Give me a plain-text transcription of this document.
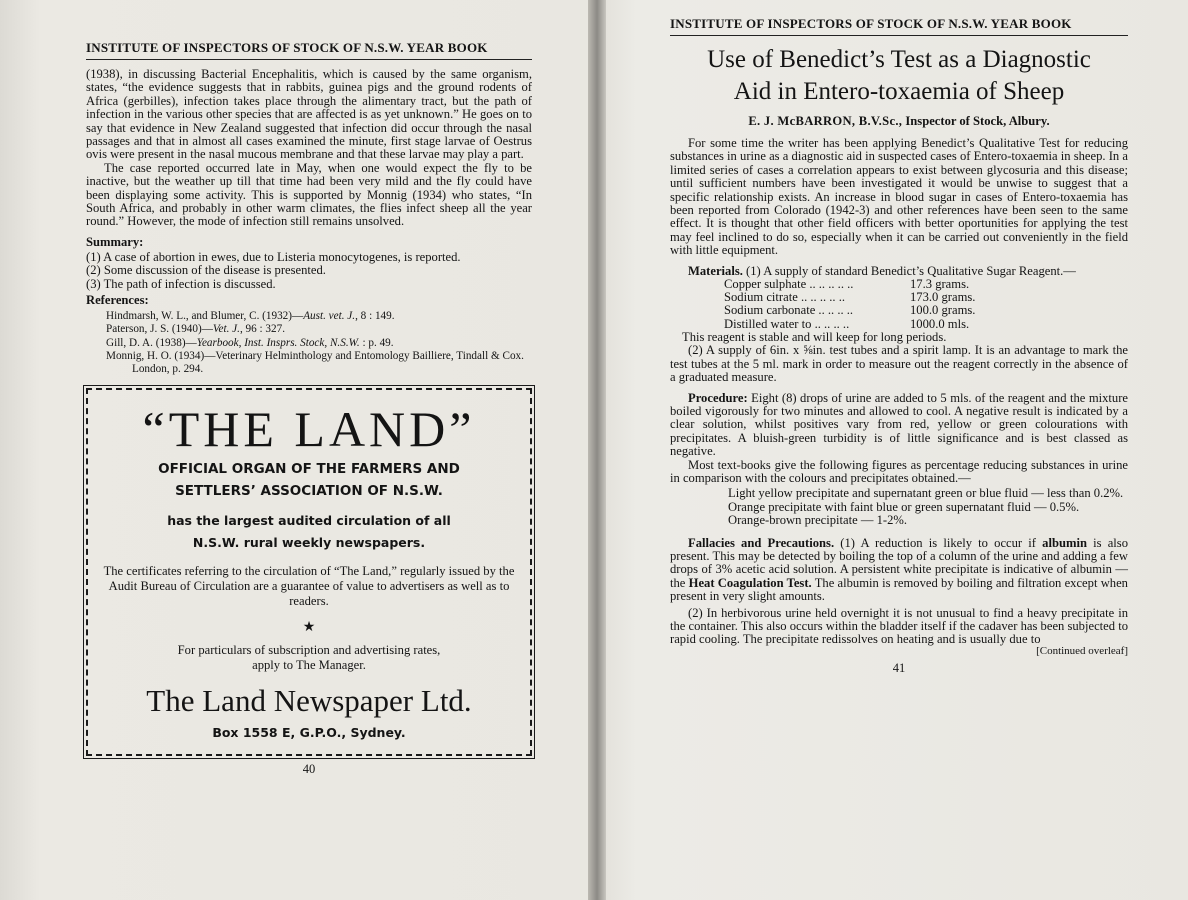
INSTITUTE OF INSPECTORS OF STOCK OF N.S.W. YEAR BOOK

(1938), in discussing Bacterial Encephalitis, which is caused by the same organism, states, “the evidence suggests that in rabbits, guinea pigs and the ground rodents of Africa (gerbilles), infection takes place through the alimentary tract, but the path of infection in the various other species that are affected is as yet unknown.” He goes on to say that evidence in New Zealand suggested that infection did occur through the nasal passages and that in almost all cases examined the minute, first stage larvae of Oestrus ovis were present in the nasal mucous membrane and that these larvae may play a part.

The case reported occurred late in May, when one would expect the fly to be inactive, but the weather up till that time had been very mild and the fly could have been displaying some activity. This is supported by Monnig (1934) who states, “In South Africa, and probably in other warm climates, the flies infect sheep all the year round.” However, the mode of infection still remains unsolved.

Summary:
(1) A case of abortion in ewes, due to Listeria monocytogenes, is reported.
(2) Some discussion of the disease is presented.
(3) The path of infection is discussed.
References:
Hindmarsh, W. L., and Blumer, C. (1932)—Aust. vet. J., 8 : 149.
Paterson, J. S. (1940)—Vet. J., 96 : 327.
Gill, D. A. (1938)—Yearbook, Inst. Insprs. Stock, N.S.W. : p. 49.
Monnig, H. O. (1934)—Veterinary Helminthology and Entomology Bailliere, Tindall & Cox. London, p. 294.
“THE LAND”
OFFICIAL ORGAN OF THE FARMERS AND
SETTLERS’ ASSOCIATION OF N.S.W.
has the largest audited circulation of all
N.S.W. rural weekly newspapers.
The certificates referring to the circulation of “The Land,” regularly issued by the Audit Bureau of Circulation are a guarantee of value to advertisers as well as to readers.
★
For particulars of subscription and advertising rates, apply to The Manager.
The Land Newspaper Ltd.
Box 1558 E, G.P.O., Sydney.
40
INSTITUTE OF INSPECTORS OF STOCK OF N.S.W. YEAR BOOK
Use of Benedict’s Test as a Diagnostic
Aid in Entero-toxaemia of Sheep
E. J. McBARRON, B.V.Sc., Inspector of Stock, Albury.

For some time the writer has been applying Benedict’s Qualitative Test for reducing substances in urine as a diagnostic aid in suspected cases of Entero-toxaemia in sheep. In a limited series of cases a correlation appears to exist between glycosuria and this disease; until sufficient numbers have been investigated it would be unwise to suggest that a specific relationship exists. An increase in blood sugar in cases of Entero-toxaemia has been reported from Colorado (1942-3) and other references have been seen to the same effect. It is thought that other field officers with better oportunities for applying the test may feel inclined to do so, especially when it can be carried out conveniently in the field with little equipment.

Materials. (1) A supply of standard Benedict’s Qualitative Sugar Reagent.—

Copper sulphate .. .. .. .. ..	17.3 grams.
Sodium citrate .. .. .. .. ..	173.0 grams.
Sodium carbonate .. .. .. ..	100.0 grams.
Distilled water to .. .. .. ..	1000.0 mls.

This reagent is stable and will keep for long periods.

(2) A supply of 6in. x ⅝in. test tubes and a spirit lamp. It is an advantage to mark the test tubes at the 5 ml. mark in order to measure out the reagent correctly in the absence of a graduated measure.

Procedure: Eight (8) drops of urine are added to 5 mls. of the reagent and the mixture boiled vigorously for two minutes and allowed to cool. A negative result is indicated by a clear solution, whilst positives vary from red, yellow or green colourations with precipitates. A bluish-green turbidity is of little significance and is best classed as negative.

Most text-books give the following figures as percentage reducing substances in urine in comparison with the colours and precipitates obtained.—

Light yellow precipitate and supernatant green or blue fluid — less than 0.2%.
Orange precipitate with faint blue or green supernatant fluid — 0.5%.
Orange-brown precipitate — 1-2%.

Fallacies and Precautions. (1) A reduction is likely to occur if albumin is also present. This may be detected by boiling the top of a column of the urine and adding a few drops of 3% acetic acid solution. A persistent white precipitate is indicative of albumin — the Heat Coagulation Test. The albumin is removed by boiling and filtration except when present in very slight amounts.

(2) In herbivorous urine held overnight it is not unusual to find a heavy precipitate in the container. This also occurs within the bladder itself if the cadaver has been subjected to rapid cooling. The precipitate redissolves on heating and is usually due to

[Continued overleaf]
41
